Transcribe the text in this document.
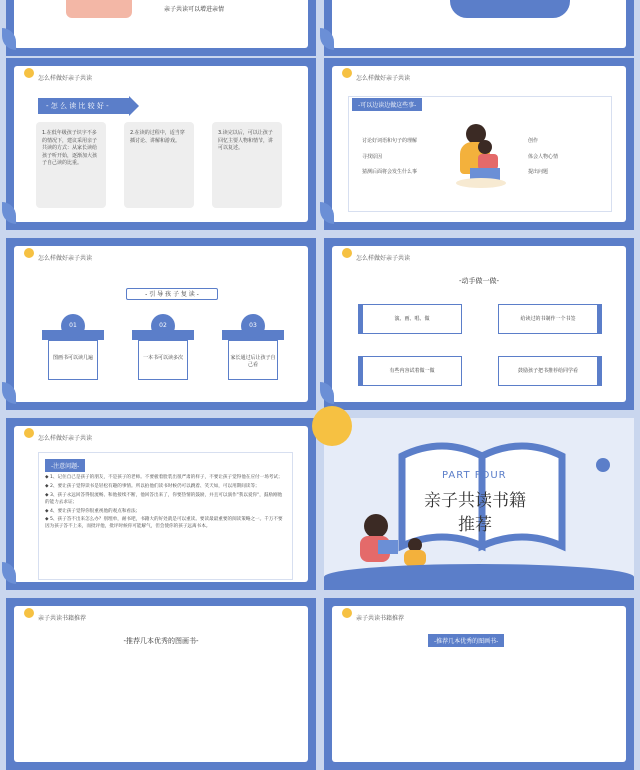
亲子共读可以增进亲情
怎么样做好亲子共读
- 怎 么 读 比 较 好 -
1.在低年级孩子识字不多的情况下，建议采用亲子共读的方式：从家长读给孩子听开始，逐渐加大孩子自己读的比重。
2.在读的过程中，适当穿插讨论、讲解和游戏。
3.读完以后，可以让孩子回忆主要人物和情节，讲可以复述。
怎么样做好亲子共读
-可以边读边做这些事-
讨论好词语和句子的理解
寻找原因
猜测后面将会发生什么事
创作
体会人物心情
提出问题
怎么样做好亲子共读
- 引 导 孩 子 复 读 -
01
图画书可以读几遍
02
一本书可以读多次
03
家长通过后让孩子自己看
怎么样做好亲子共读
-动手做一做-
演、画、唱、做	给读过的书制作一个书签
有些内容试着做一做	鼓励孩子把书推荐给同学看
怎么样做好亲子共读
-注意问题-
◆ 1、记住自己是孩子的朋友，不是孩子的老师。不要板着脸装出很严肃的样子，不要让孩子觉得他在应付一场考试；
◆ 2、要让孩子觉得读书是轻松有趣的事情。所以拍他们读书时候仍可以跳着、笑天如，可以用期间读等；
◆ 3、孩子永远回答得很流畅、和他接续不断，他回答出来了，你要热情的鼓励，并且可以演作"我以爱你"，鼓励刚他的能力去求证；
◆ 4、要让孩子觉得你很重视他的观点和看法；
◆ 5、孩子答不出来怎么办？别埋单，耐书吧，书籍大的好处就是可以重读。要读最最重要的阅读策略之一。千万不要因为孩子答不上来，而批评他，批评时候你可能解气，但会使你的孩子远离书本。
PART FOUR
亲子共读书籍
推荐
亲子共读书籍推荐
-推荐几本优秀的图画书-
亲子共读书籍推荐
-推荐几本优秀的图画书-
